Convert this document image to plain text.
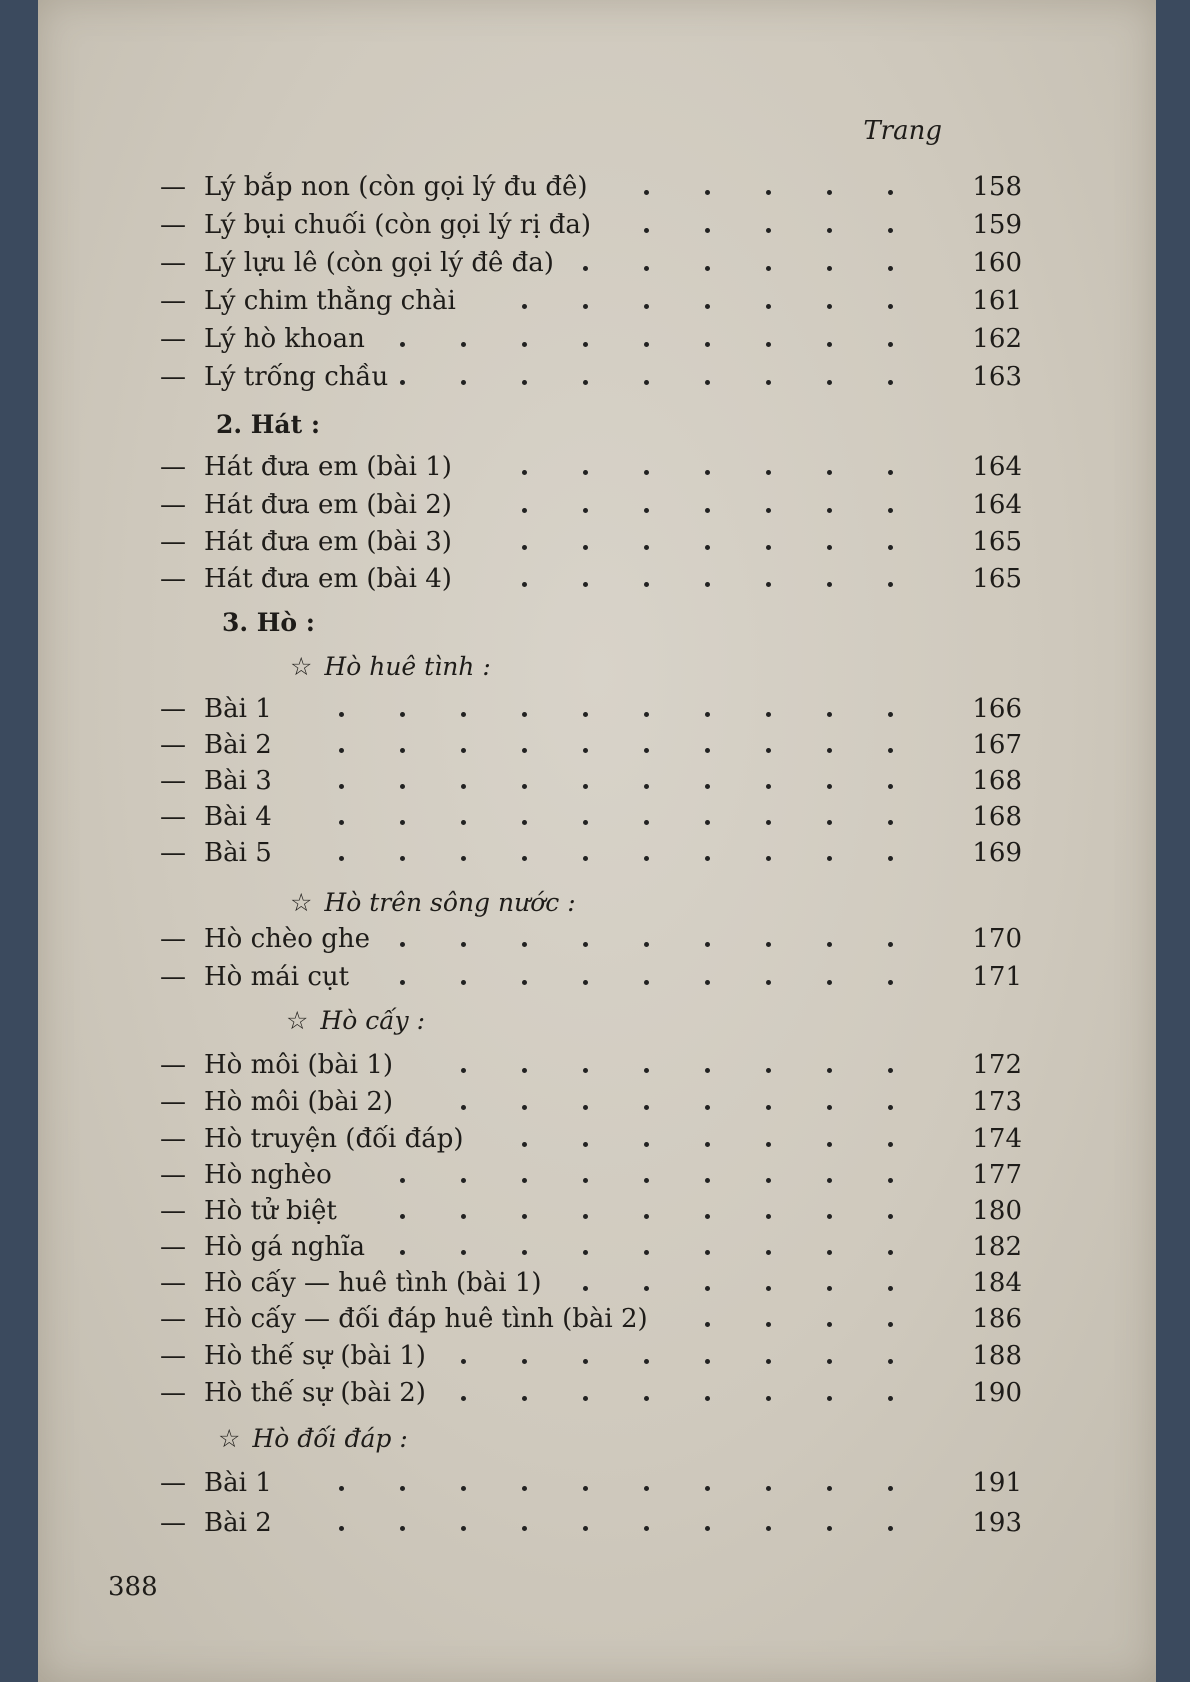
Trang
2. Hát :
3. Hò :
☆ Hò huê tình :
☆ Hò trên sông nước :
☆ Hò cấy :
☆ Hò đối đáp :
— Lý bắp non (còn gọi lý đu đê)	158
— Lý bụi chuối (còn gọi lý rị đa)	159
— Lý lựu lê (còn gọi lý đê đa)	160
— Lý chim thằng chài	161
— Lý hò khoan	162
— Lý trống chầu	163
— Hát đưa em (bài 1)	164
— Hát đưa em (bài 2)	164
— Hát đưa em (bài 3)	165
— Hát đưa em (bài 4)	165
— Bài 1	166
— Bài 2	167
— Bài 3	168
— Bài 4	168
— Bài 5	169
— Hò chèo ghe	170
— Hò mái cụt	171
— Hò môi (bài 1)	172
— Hò môi (bài 2)	173
— Hò truyện (đối đáp)	174
— Hò nghèo	177
— Hò tử biệt	180
— Hò gá nghĩa	182
— Hò cấy — huê tình (bài 1)	184
— Hò cấy — đối đáp huê tình (bài 2)	186
— Hò thế sự (bài 1)	188
— Hò thế sự (bài 2)	190
— Bài 1	191
— Bài 2	193
388
